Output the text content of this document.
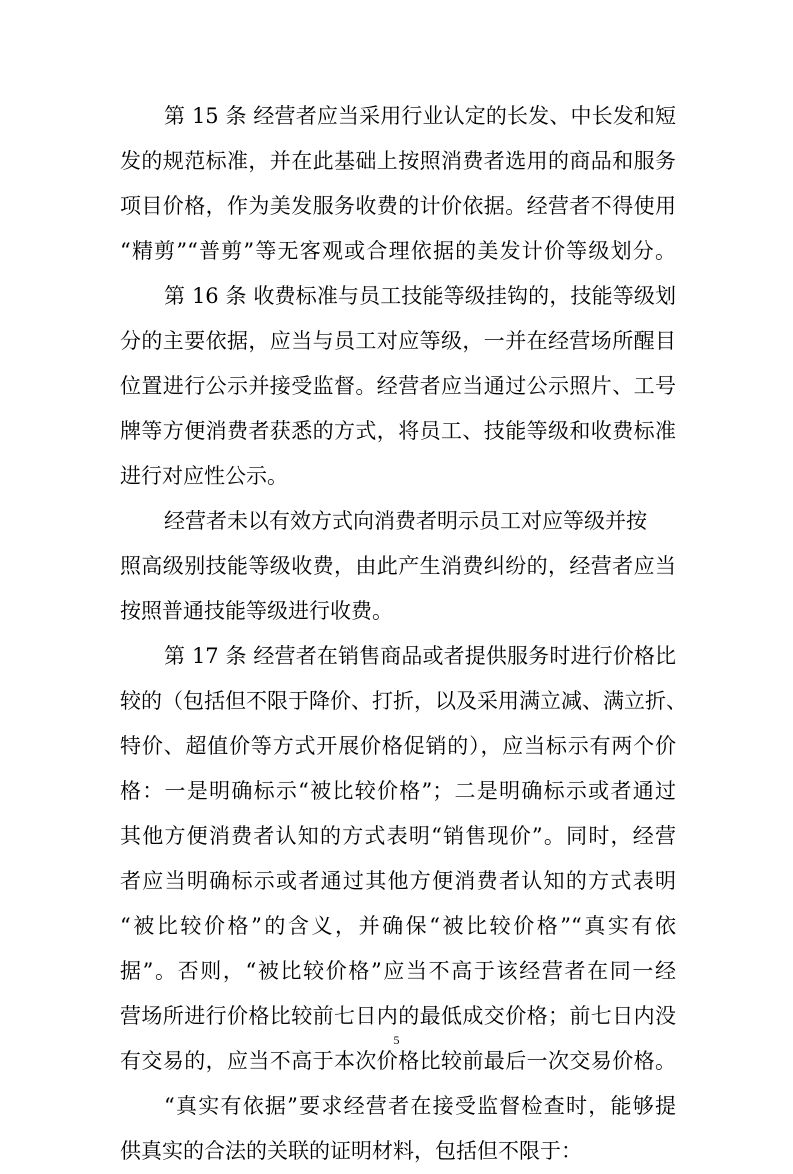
第 15 条 经营者应当采用行业认定的长发、中长发和短
发的规范标准，并在此基础上按照消费者选用的商品和服务
项目价格，作为美发服务收费的计价依据。经营者不得使用
“精剪”“普剪”等无客观或合理依据的美发计价等级划分。
第 16 条 收费标准与员工技能等级挂钩的，技能等级划
分的主要依据，应当与员工对应等级，一并在经营场所醒目
位置进行公示并接受监督。经营者应当通过公示照片、工号
牌等方便消费者获悉的方式，将员工、技能等级和收费标准
进行对应性公示。
经营者未以有效方式向消费者明示员工对应等级并按
照高级别技能等级收费，由此产生消费纠纷的，经营者应当
按照普通技能等级进行收费。
第 17 条 经营者在销售商品或者提供服务时进行价格比
较的（包括但不限于降价、打折，以及采用满立减、满立折、
特价、超值价等方式开展价格促销的），应当标示有两个价
格：一是明确标示“被比较价格”；二是明确标示或者通过
其他方便消费者认知的方式表明“销售现价”。同时，经营
者应当明确标示或者通过其他方便消费者认知的方式表明
“被比较价格”的含义，并确保“被比较价格”“真实有依
据”。否则，“被比较价格”应当不高于该经营者在同一经
营场所进行价格比较前七日内的最低成交价格；前七日内没
有交易的，应当不高于本次价格比较前最后一次交易价格。
“真实有依据”要求经营者在接受监督检查时，能够提
供真实的合法的关联的证明材料，包括但不限于：
5
